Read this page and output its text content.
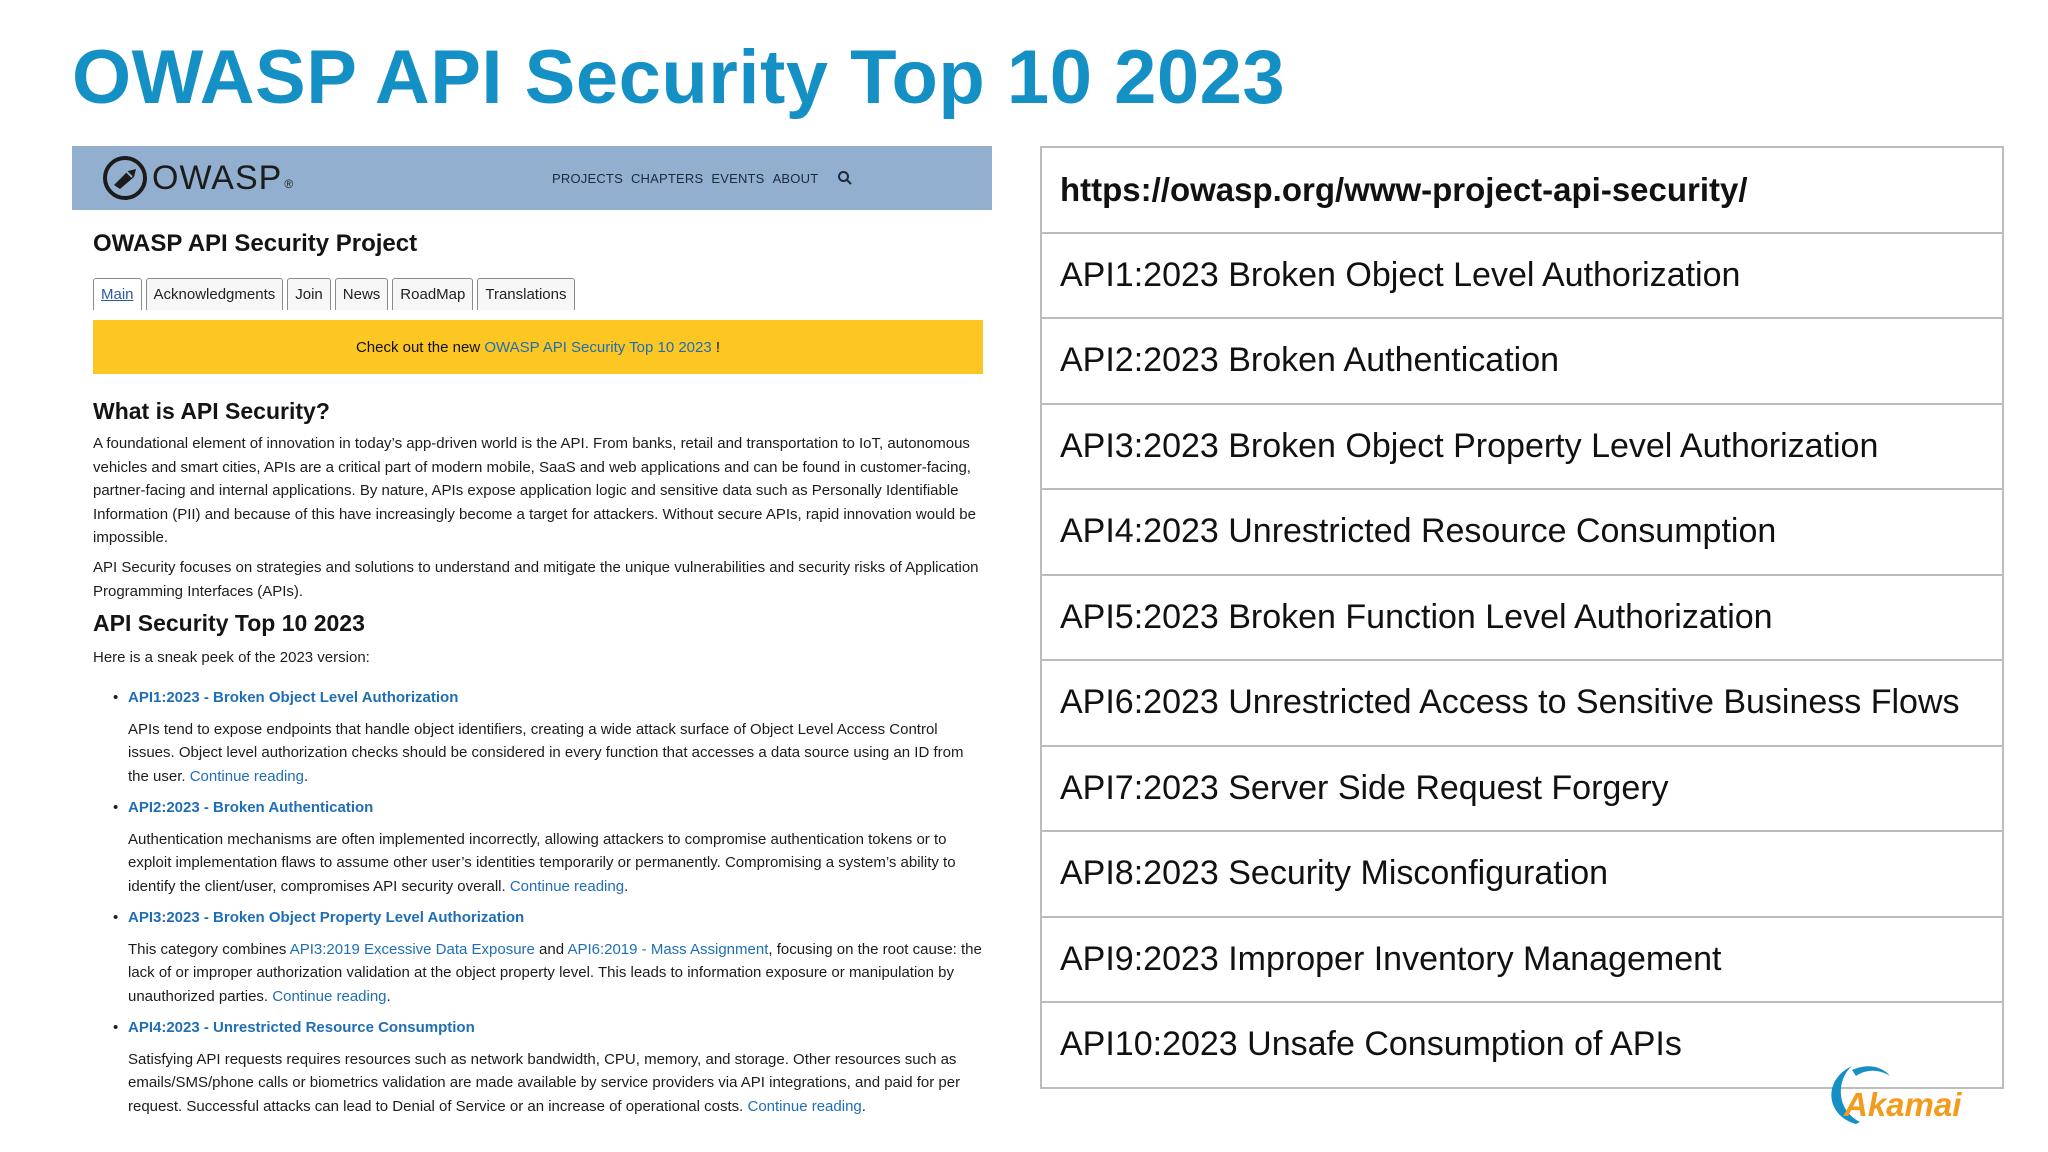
OWASP API Security Top 10 2023
OWASP ®	PROJECTS CHAPTERS EVENTS ABOUT
OWASP API Security Project
Main	Acknowledgments	Join	News	RoadMap	Translations
Check out the new OWASP API Security Top 10 2023 !
What is API Security?
A foundational element of innovation in today’s app-driven world is the API. From banks, retail and transportation to IoT, autonomous vehicles and smart cities, APIs are a critical part of modern mobile, SaaS and web applications and can be found in customer-facing, partner-facing and internal applications. By nature, APIs expose application logic and sensitive data such as Personally Identifiable Information (PII) and because of this have increasingly become a target for attackers. Without secure APIs, rapid innovation would be impossible.
API Security focuses on strategies and solutions to understand and mitigate the unique vulnerabilities and security risks of Application Programming Interfaces (APIs).
API Security Top 10 2023
Here is a sneak peek of the 2023 version:
• API1:2023 - Broken Object Level Authorization
APIs tend to expose endpoints that handle object identifiers, creating a wide attack surface of Object Level Access Control issues. Object level authorization checks should be considered in every function that accesses a data source using an ID from the user. Continue reading.
• API2:2023 - Broken Authentication
Authentication mechanisms are often implemented incorrectly, allowing attackers to compromise authentication tokens or to exploit implementation flaws to assume other user’s identities temporarily or permanently. Compromising a system’s ability to identify the client/user, compromises API security overall. Continue reading.
• API3:2023 - Broken Object Property Level Authorization
This category combines API3:2019 Excessive Data Exposure and API6:2019 - Mass Assignment, focusing on the root cause: the lack of or improper authorization validation at the object property level. This leads to information exposure or manipulation by unauthorized parties. Continue reading.
• API4:2023 - Unrestricted Resource Consumption
Satisfying API requests requires resources such as network bandwidth, CPU, memory, and storage. Other resources such as emails/SMS/phone calls or biometrics validation are made available by service providers via API integrations, and paid for per request. Successful attacks can lead to Denial of Service or an increase of operational costs. Continue reading.
https://owasp.org/www-project-api-security/
API1:2023 Broken Object Level Authorization
API2:2023 Broken Authentication
API3:2023 Broken Object Property Level Authorization
API4:2023 Unrestricted Resource Consumption
API5:2023 Broken Function Level Authorization
API6:2023 Unrestricted Access to Sensitive Business Flows
API7:2023 Server Side Request Forgery
API8:2023 Security Misconfiguration
API9:2023 Improper Inventory Management
API10:2023 Unsafe Consumption of APIs
Akamai
